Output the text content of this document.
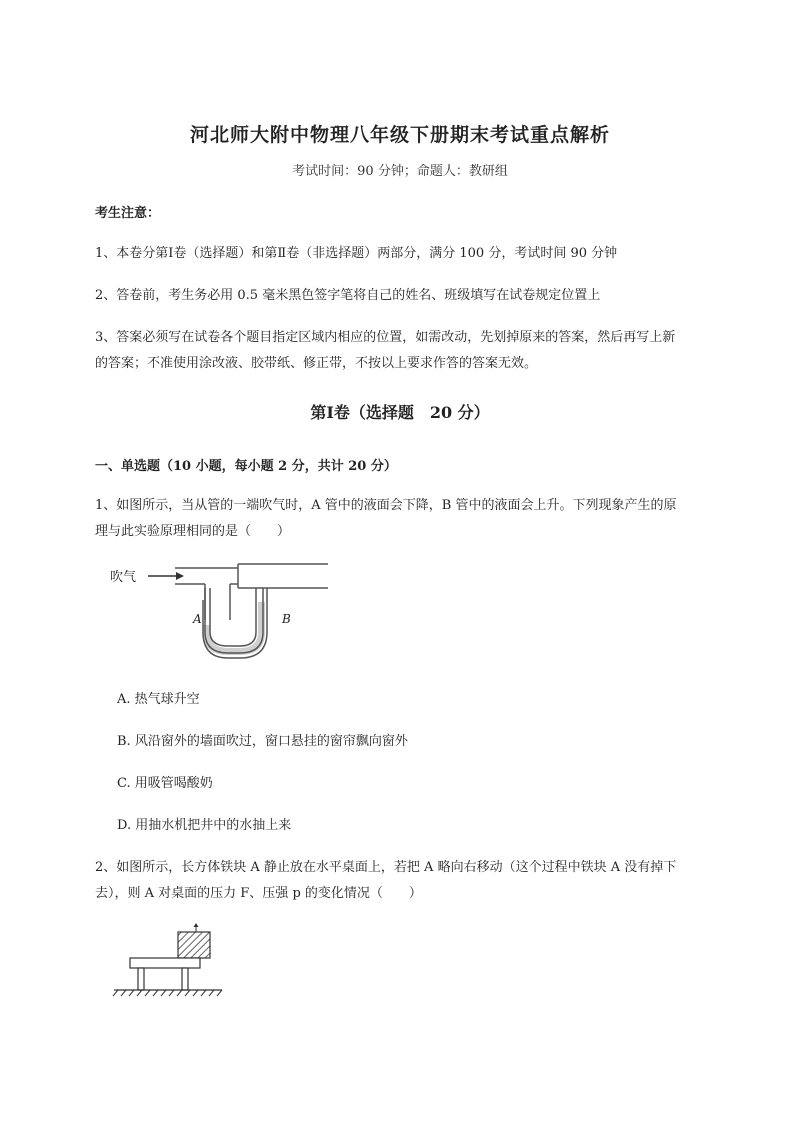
河北师大附中物理八年级下册期末考试重点解析
考试时间：90 分钟；命题人：教研组
考生注意：
1、本卷分第Ⅰ卷（选择题）和第Ⅱ卷（非选择题）两部分，满分 100 分，考试时间 90 分钟
2、答卷前，考生务必用 0.5 毫米黑色签字笔将自己的姓名、班级填写在试卷规定位置上
3、答案必须写在试卷各个题目指定区域内相应的位置，如需改动，先划掉原来的答案，然后再写上新
的答案；不准使用涂改液、胶带纸、修正带，不按以上要求作答的答案无效。
第Ⅰ卷（选择题　20 分）
一、单选题（10 小题，每小题 2 分，共计 20 分）
1、如图所示，当从管的一端吹气时，A 管中的液面会下降，B 管中的液面会上升。下列现象产生的原
理与此实验原理相同的是（　　）
吹气
A	B
A. 热气球升空
B. 风沿窗外的墙面吹过，窗口悬挂的窗帘飘向窗外
C. 用吸管喝酸奶
D. 用抽水机把井中的水抽上来
2、如图所示，长方体铁块 A 静止放在水平桌面上，若把 A 略向右移动（这个过程中铁块 A 没有掉下
去），则 A 对桌面的压力 F、压强 p 的变化情况（　　）
